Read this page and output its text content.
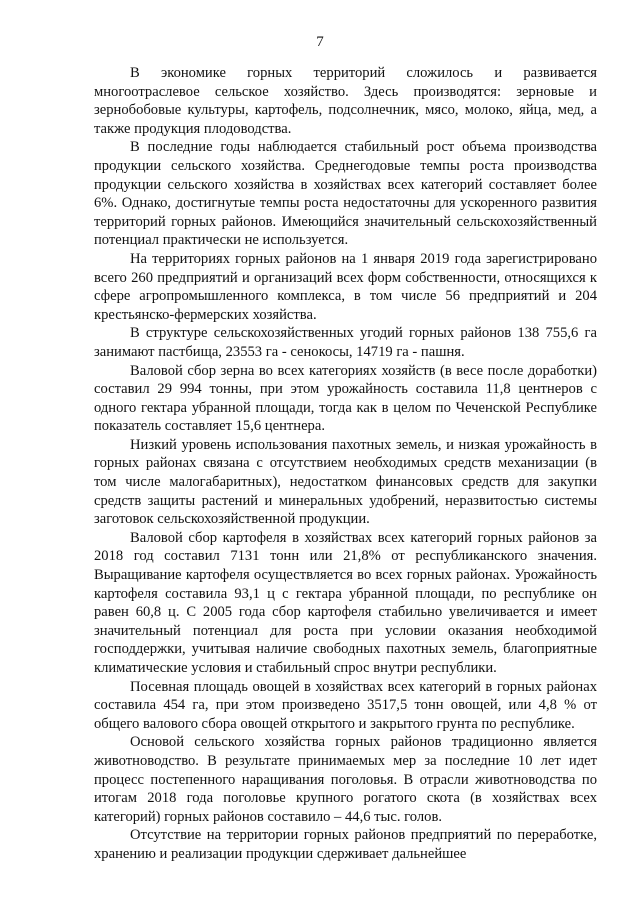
7

В экономике горных территорий сложилось и развивается многоотраслевое сельское хозяйство. Здесь производятся: зерновые и зернобобовые культуры, картофель, подсолнечник, мясо, молоко, яйца, мед, а также продукция плодоводства.

В последние годы наблюдается стабильный рост объема производства продукции сельского хозяйства. Среднегодовые темпы роста производства продукции сельского хозяйства в хозяйствах всех категорий составляет более 6%. Однако, достигнутые темпы роста недостаточны для ускоренного развития территорий горных районов. Имеющийся значительный сельскохозяйственный потенциал практически не используется.

На территориях горных районов на 1 января 2019 года зарегистрировано всего 260 предприятий и организаций всех форм собственности, относящихся к сфере агропромышленного комплекса, в том числе 56 предприятий и 204 крестьянско-фермерских хозяйства.

В структуре сельскохозяйственных угодий горных районов 138 755,6 га занимают пастбища, 23553 га - сенокосы, 14719 га - пашня.

Валовой сбор зерна во всех категориях хозяйств (в весе после доработки) составил 29 994 тонны, при этом урожайность составила 11,8 центнеров с одного гектара убранной площади, тогда как в целом по Чеченской Республике показатель составляет 15,6 центнера.

Низкий уровень использования пахотных земель, и низкая урожайность в горных районах связана с отсутствием необходимых средств механизации (в том числе малогабаритных), недостатком финансовых средств для закупки средств защиты растений и минеральных удобрений, неразвитостью системы заготовок сельскохозяйственной продукции.

Валовой сбор картофеля в хозяйствах всех категорий горных районов за 2018 год составил 7131 тонн или 21,8% от республиканского значения. Выращивание картофеля осуществляется во всех горных районах. Урожайность картофеля составила 93,1 ц с гектара убранной площади, по республике он равен 60,8 ц. С 2005 года сбор картофеля стабильно увеличивается и имеет значительный потенциал для роста при условии оказания необходимой господдержки, учитывая наличие свободных пахотных земель, благоприятные климатические условия и стабильный спрос внутри республики.

Посевная площадь овощей в хозяйствах всех категорий в горных районах составила 454 га, при этом произведено 3517,5 тонн овощей, или 4,8 % от общего валового сбора овощей открытого и закрытого грунта по республике.

Основой сельского хозяйства горных районов традиционно является животноводство. В результате принимаемых мер за последние 10 лет идет процесс постепенного наращивания поголовья. В отрасли животноводства по итогам 2018 года поголовье крупного рогатого скота (в хозяйствах всех категорий) горных районов составило – 44,6 тыс. голов.

Отсутствие на территории горных районов предприятий по переработке, хранению и реализации продукции сдерживает дальнейшее
